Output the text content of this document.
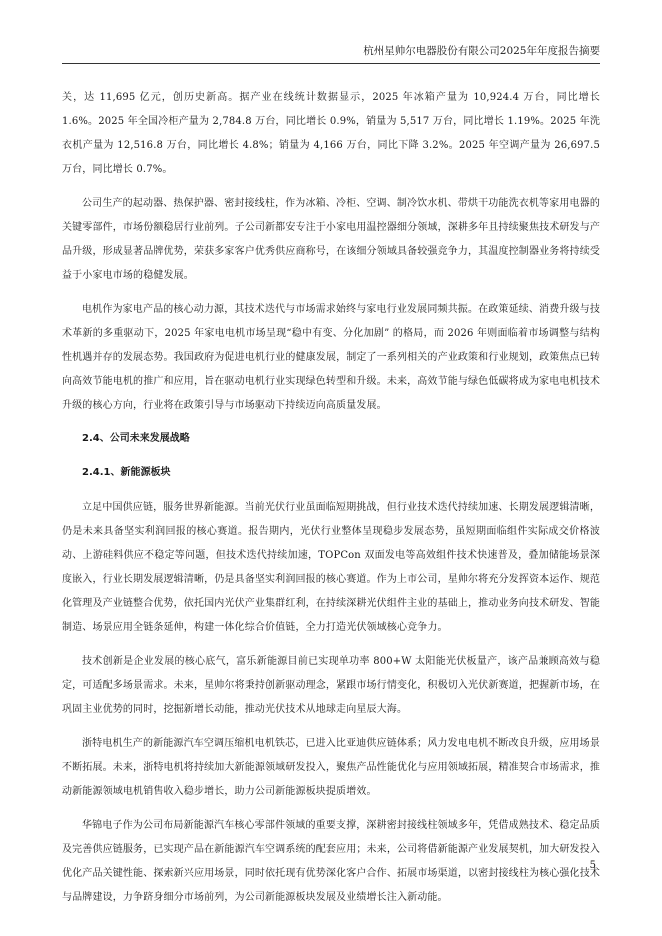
杭州星帅尔电器股份有限公司2025年年度报告摘要

关，达 11,695 亿元，创历史新高。据产业在线统计数据显示，2025 年冰箱产量为 10,924.4 万台，同比增长 1.6%。2025 年全国冷柜产量为 2,784.8 万台，同比增长 0.9%，销量为 5,517 万台，同比增长 1.19%。2025 年洗衣机产量为 12,516.8 万台，同比增长 4.8%；销量为 4,166 万台，同比下降 3.2%。2025 年空调产量为 26,697.5 万台，同比增长 0.7%。

公司生产的起动器、热保护器、密封接线柱，作为冰箱、冷柜、空调、制冷饮水机、带烘干功能洗衣机等家用电器的关键零部件，市场份额稳居行业前列。子公司新都安专注于小家电用温控器细分领域，深耕多年且持续聚焦技术研发与产品升级，形成显著品牌优势，荣获多家客户优秀供应商称号，在该细分领域具备较强竞争力，其温度控制器业务将持续受益于小家电市场的稳健发展。

电机作为家电产品的核心动力源，其技术迭代与市场需求始终与家电行业发展同频共振。在政策延续、消费升级与技术革新的多重驱动下，2025 年家电电机市场呈现“稳中有变、分化加剧” 的格局，而 2026 年则面临着市场调整与结构性机遇并存的发展态势。我国政府为促进电机行业的健康发展，制定了一系列相关的产业政策和行业规划，政策焦点已转向高效节能电机的推广和应用，旨在驱动电机行业实现绿色转型和升级。未来，高效节能与绿色低碳将成为家电电机技术升级的核心方向，行业将在政策引导与市场驱动下持续迈向高质量发展。

2.4、公司未来发展战略
2.4.1、新能源板块

立足中国供应链，服务世界新能源。当前光伏行业虽面临短期挑战，但行业技术迭代持续加速、长期发展逻辑清晰，仍是未来具备坚实利润回报的核心赛道。报告期内，光伏行业整体呈现稳步发展态势，虽短期面临组件实际成交价格波动、上游硅料供应不稳定等问题，但技术迭代持续加速，TOPCon 双面发电等高效组件技术快速普及，叠加储能场景深度嵌入，行业长期发展逻辑清晰，仍是具备坚实利润回报的核心赛道。作为上市公司，星帅尔将充分发挥资本运作、规范化管理及产业链整合优势，依托国内光伏产业集群红利，在持续深耕光伏组件主业的基础上，推动业务向技术研发、智能制造、场景应用全链条延伸，构建一体化综合价值链，全力打造光伏领域核心竞争力。

技术创新是企业发展的核心底气，富乐新能源目前已实现单功率 800+W 太阳能光伏板量产，该产品兼顾高效与稳定，可适配多场景需求。未来，星帅尔将秉持创新驱动理念，紧跟市场行情变化，积极切入光伏新赛道，把握新市场，在巩固主业优势的同时，挖掘新增长动能，推动光伏技术从地球走向星辰大海。

浙特电机生产的新能源汽车空调压缩机电机铁芯，已进入比亚迪供应链体系；风力发电电机不断改良升级，应用场景不断拓展。未来，浙特电机将持续加大新能源领域研发投入，聚焦产品性能优化与应用领域拓展，精准契合市场需求，推动新能源领域电机销售收入稳步增长，助力公司新能源板块提质增效。

华锦电子作为公司布局新能源汽车核心零部件领域的重要支撑，深耕密封接线柱领域多年，凭借成熟技术、稳定品质及完善供应链服务，已实现产品在新能源汽车空调系统的配套应用；未来，公司将借新能源产业发展契机，加大研发投入优化产品关键性能、探索新兴应用场景，同时依托现有优势深化客户合作、拓展市场渠道，以密封接线柱为核心强化技术与品牌建设，力争跻身细分市场前列，为公司新能源板块发展及业绩增长注入新动能。

5
